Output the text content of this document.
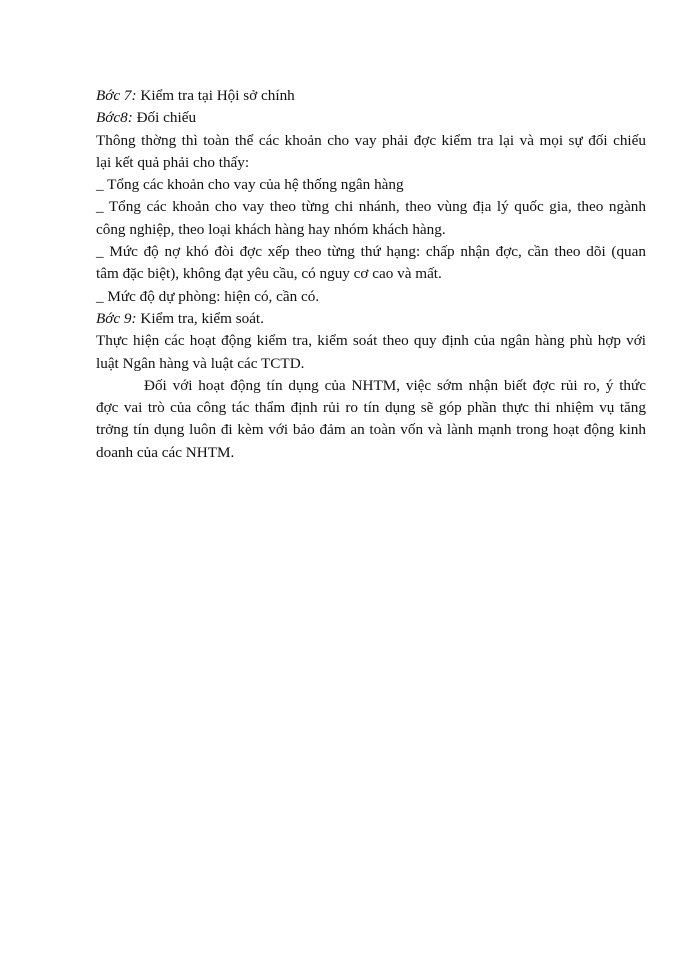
Bớc 7: Kiểm tra tại Hội sở chính
Bớc8: Đối chiếu
Thông thờng thì toàn thể các khoản cho vay phải đợc kiểm tra lại và mọi sự đối chiếu
lại kết quả phải cho thấy:
_ Tổng các khoản cho vay của hệ thống ngân hàng
_ Tổng các khoản cho vay theo từng chi nhánh, theo vùng địa lý quốc gia, theo ngành
công nghiệp, theo loại khách hàng hay nhóm khách hàng.
_ Mức độ nợ khó đòi đợc xếp theo từng thứ hạng: chấp nhận đợc, cần theo dõi (quan
tâm đặc biệt), không đạt yêu cầu, có nguy cơ cao và mất.
_ Mức độ dự phòng: hiện có, cần có.
Bớc 9: Kiểm tra, kiểm soát.
Thực hiện các hoạt động kiểm tra, kiểm soát theo quy định của ngân hàng phù hợp với
luật Ngân hàng và luật các TCTD.
Đối với hoạt động tín dụng của NHTM, việc sớm nhận biết đợc rủi ro, ý thức
đợc vai trò của công tác thẩm định rủi ro tín dụng sẽ góp phần thực thi nhiệm vụ tăng
trởng tín dụng luôn đi kèm với bảo đảm an toàn vốn và lành mạnh trong hoạt động kinh
doanh của các NHTM.
